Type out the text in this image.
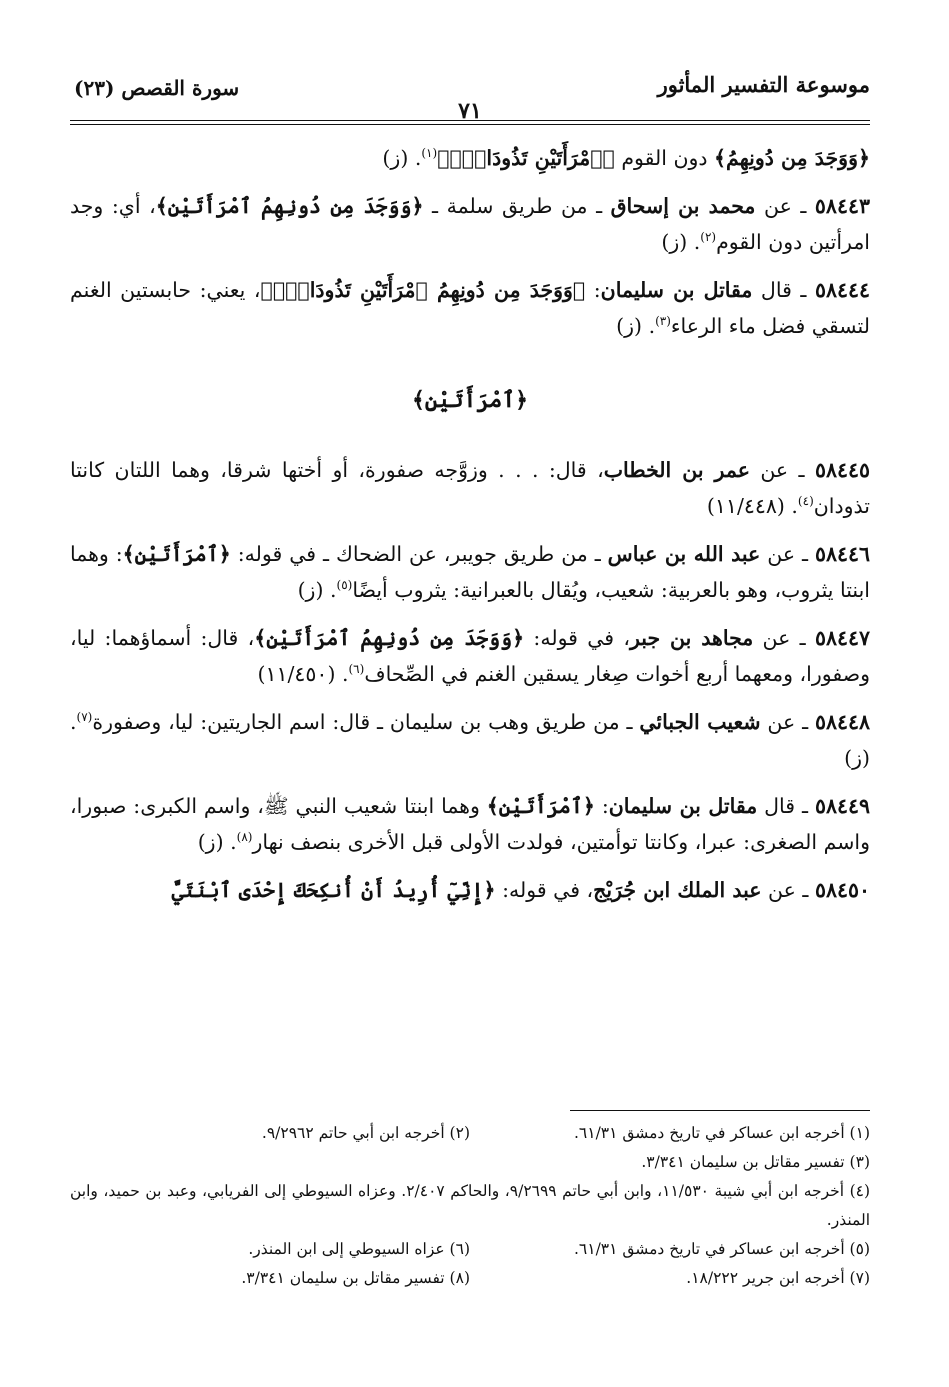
موسوعة التفسير المأثور
سورة القصص (٢٣)
٧١

﴿وَوَجَدَ مِن دُونِهِمُ﴾ دون القوم ﴿ٱمْرَأَتَيْنِ تَذُودَانِۖ﴾$^{(١)}$. (ز)

٥٨٤٤٣ ـ عن محمد بن إسحاق ـ من طريق سلمة ـ ﴿وَوَجَدَ مِن دُونِهِمُ ٱمْرَأَتَيْنِ﴾، أي: وجد امرأتين دون القوم$^{(٢)}$. (ز)

٥٨٤٤٤ ـ قال مقاتل بن سليمان: ﴿وَوَجَدَ مِن دُونِهِمُ ٱمْرَأَتَيْنِ تَذُودَانِۖ﴾، يعني: حابستين الغنم لتسقي فضل ماء الرعاء$^{(٣)}$. (ز)

﴿ٱمْرَأَتَيْنِ﴾

٥٨٤٤٥ ـ عن عمر بن الخطاب، قال: . . . وزوَّجه صفورة، أو أختها شرقا، وهما اللتان كانتا تذودان$^{(٤)}$. (١١/٤٤٨)

٥٨٤٤٦ ـ عن عبد الله بن عباس ـ من طريق جويبر، عن الضحاك ـ في قوله: ﴿ٱمْرَأَتَيْنِ﴾: وهما ابنتا يثروب، وهو بالعربية: شعيب، ويُقال بالعبرانية: يثروب أيضًا$^{(٥)}$. (ز)

٥٨٤٤٧ ـ عن مجاهد بن جبر، في قوله: ﴿وَوَجَدَ مِن دُونِهِمُ ٱمْرَأَتَيْنِ﴾، قال: أسماؤهما: ليا، وصفورا، ومعهما أربع أخوات صِغار يسقين الغنم في الصِّحاف$^{(٦)}$. (١١/٤٥٠)

٥٨٤٤٨ ـ عن شعيب الجبائي ـ من طريق وهب بن سليمان ـ قال: اسم الجاريتين: ليا، وصفورة$^{(٧)}$. (ز)

٥٨٤٤٩ ـ قال مقاتل بن سليمان: ﴿ٱمْرَأَتَيْنِ﴾ وهما ابنتا شعيب النبي ﷺ، واسم الكبرى: صبورا، واسم الصغرى: عبرا، وكانتا توأمتين، فولدت الأولى قبل الأخرى بنصف نهار$^{(٨)}$. (ز)

٥٨٤٥٠ ـ عن عبد الملك ابن جُرَيْج، في قوله: ﴿إِنِّيٓ أُرِيدُ أَنْ أُنكِحَكَ إِحْدَى ٱبْنَتَيَّ

(١) أخرجه ابن عساكر في تاريخ دمشق ٦١/٣١.
(٢) أخرجه ابن أبي حاتم ٩/٢٩٦٢.
(٣) تفسير مقاتل بن سليمان ٣/٣٤١.
(٤) أخرجه ابن أبي شيبة ١١/٥٣٠، وابن أبي حاتم ٩/٢٦٩٩، والحاكم ٢/٤٠٧. وعزاه السيوطي إلى الفريابي، وعبد بن حميد، وابن المنذر.
(٥) أخرجه ابن عساكر في تاريخ دمشق ٦١/٣١.
(٦) عزاه السيوطي إلى ابن المنذر.
(٧) أخرجه ابن جرير ١٨/٢٢٢.
(٨) تفسير مقاتل بن سليمان ٣/٣٤١.
